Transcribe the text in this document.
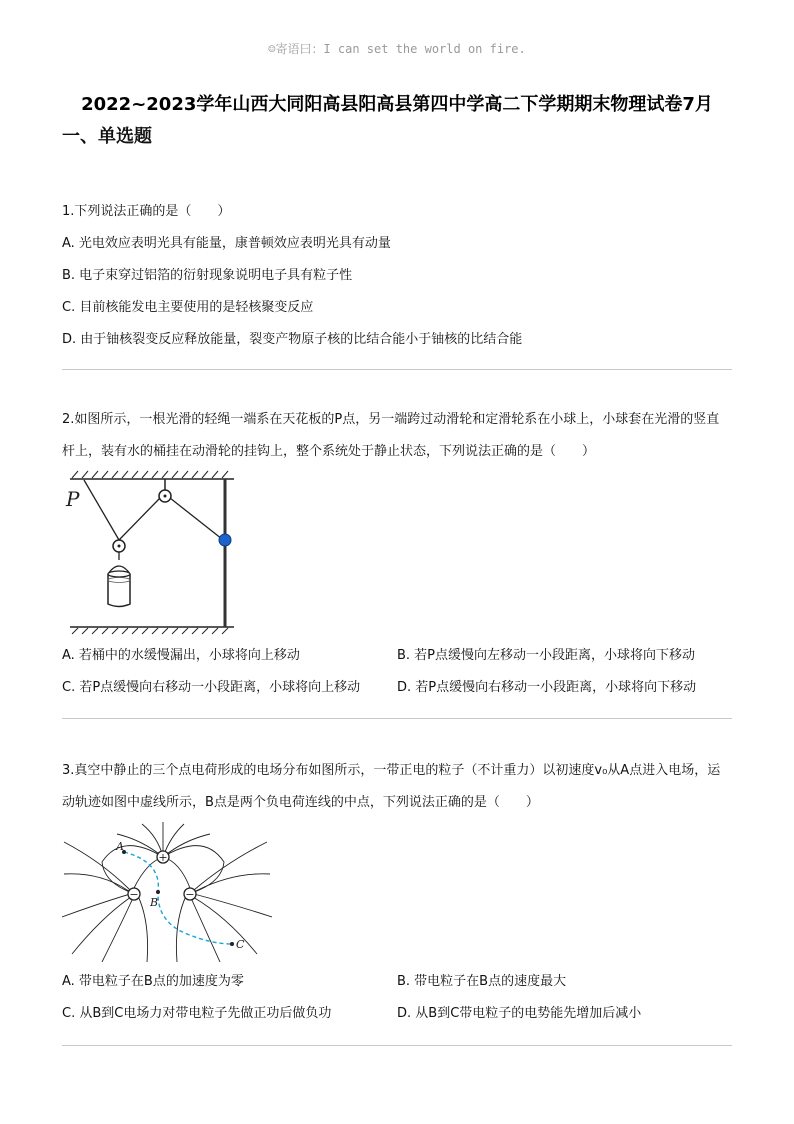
☺寄语曰：I can set the world on fire.
2022~2023学年山西大同阳高县阳高县第四中学高二下学期期末物理试卷7月
一、单选题

1.下列说法正确的是（　　）

A. 光电效应表明光具有能量，康普顿效应表明光具有动量

B. 电子束穿过铝箔的衍射现象说明电子具有粒子性

C. 目前核能发电主要使用的是轻核聚变反应

D. 由于铀核裂变反应释放能量，裂变产物原子核的比结合能小于铀核的比结合能

2.如图所示，一根光滑的轻绳一端系在天花板的P点，另一端跨过动滑轮和定滑轮系在小球上，小球套在光滑的竖直杆上，装有水的桶挂在动滑轮的挂钩上，整个系统处于静止状态，下列说法正确的是（　　）

P

A. 若桶中的水缓慢漏出，小球将向上移动	B. 若P点缓慢向左移动一小段距离，小球将向下移动

C. 若P点缓慢向右移动一小段距离，小球将向上移动	D. 若P点缓慢向右移动一小段距离，小球将向下移动

3.真空中静止的三个点电荷形成的电场分布如图所示，一带正电的粒子（不计重力）以初速度v₀从A点进入电场，运动轨迹如图中虚线所示，B点是两个负电荷连线的中点，下列说法正确的是（　　）

+
−	−
A
B
C

A. 带电粒子在B点的加速度为零	B. 带电粒子在B点的速度最大

C. 从B到C电场力对带电粒子先做正功后做负功	D. 从B到C带电粒子的电势能先增加后减小
